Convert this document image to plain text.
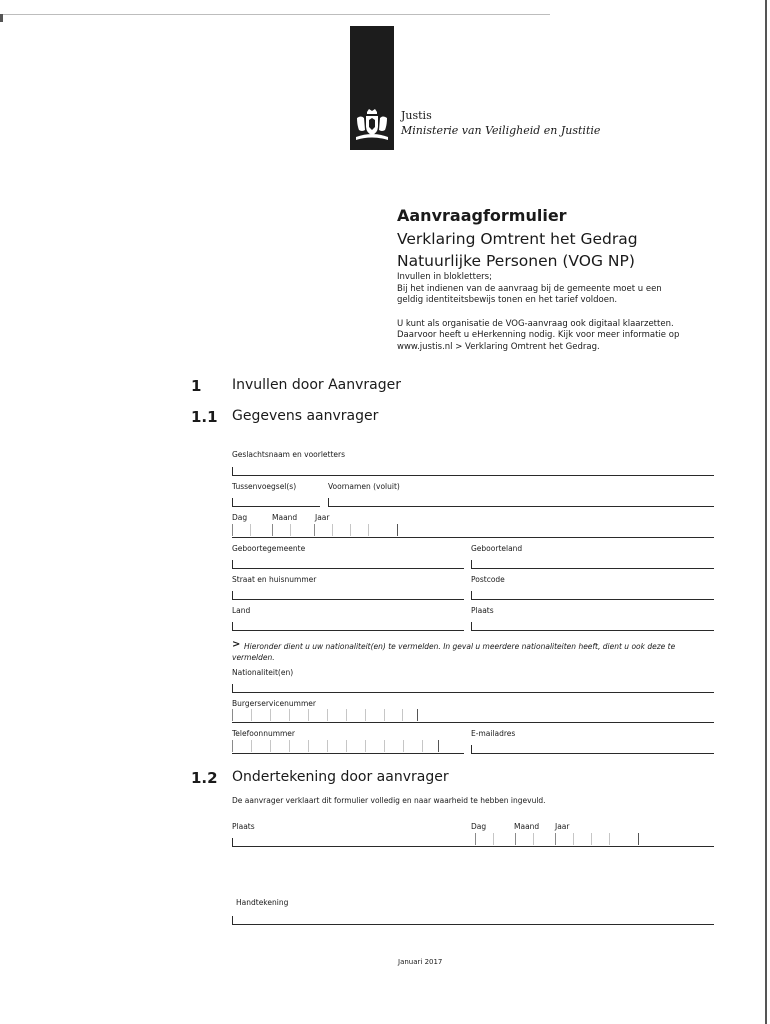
Justis
Ministerie van Veiligheid en Justitie
Aanvraagformulier
Verklaring Omtrent het Gedrag
Natuurlijke Personen (VOG NP)
Invullen in blokletters;
Bij het indienen van de aanvraag bij de gemeente moet u een
geldig identiteitsbewijs tonen en het tarief voldoen.
U kunt als organisatie de VOG-aanvraag ook digitaal klaarzetten.
Daarvoor heeft u eHerkenning nodig. Kijk voor meer informatie op
www.justis.nl > Verklaring Omtrent het Gedrag.
1 Invullen door Aanvrager
1.1 Gegevens aanvrager
Geslachtsnaam en voorletters
Tussenvoegsel(s)	Voornamen (voluit)
Dag	Maand Jaar
Geboortegemeente	Geboorteland
Straat en huisnummer	Postcode
Land	Plaats
> Hieronder dient u uw nationaliteit(en) te vermelden. In geval u meerdere nationaliteiten heeft, dient u ook deze te vermelden.
Nationaliteit(en)
Burgerservicenummer
Telefoonnummer	E-mailadres
1.2 Ondertekening door aanvrager
De aanvrager verklaart dit formulier volledig en naar waarheid te hebben ingevuld.
Plaats	Dag	Maand Jaar
Handtekening
Januari 2017
